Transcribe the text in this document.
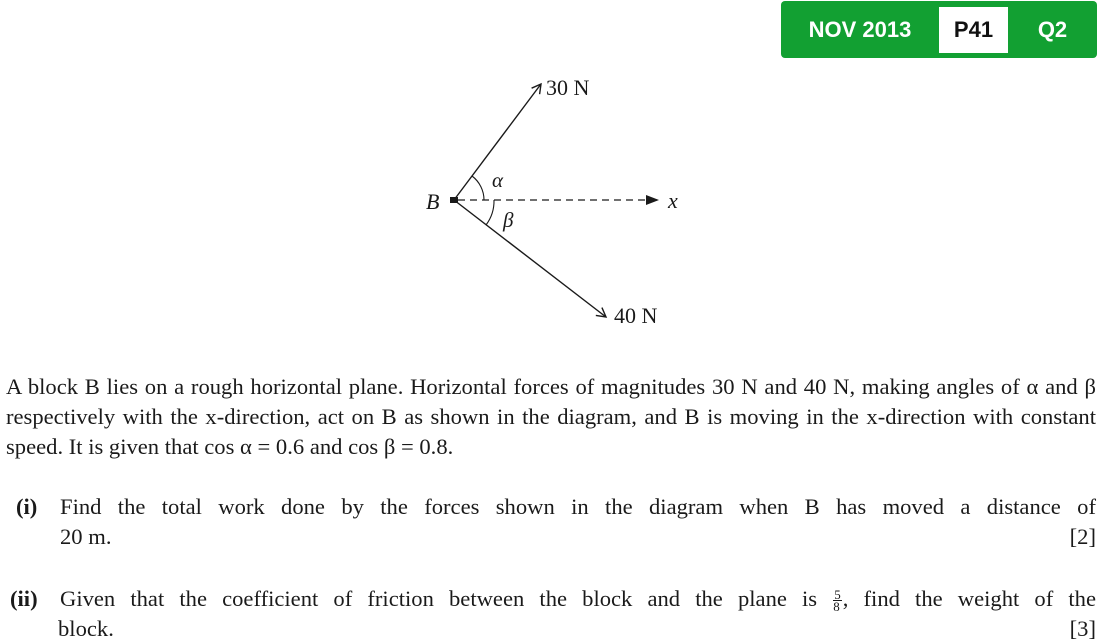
NOV 2013	P41	Q2
30 N
40 N
B
α
β
x
A block B lies on a rough horizontal plane. Horizontal forces of magnitudes 30 N and 40 N, making angles of α and β respectively with the x-direction, act on B as shown in the diagram, and B is moving in the x-direction with constant speed. It is given that cos α = 0.6 and cos β = 0.8.
(i) Find the total work done by the forces shown in the diagram when B has moved a distance of
20 m.	[2]
(ii) Given that the coefficient of friction between the block and the plane is $\frac{5}{8}$ , find the weight of the
block.	[3]
